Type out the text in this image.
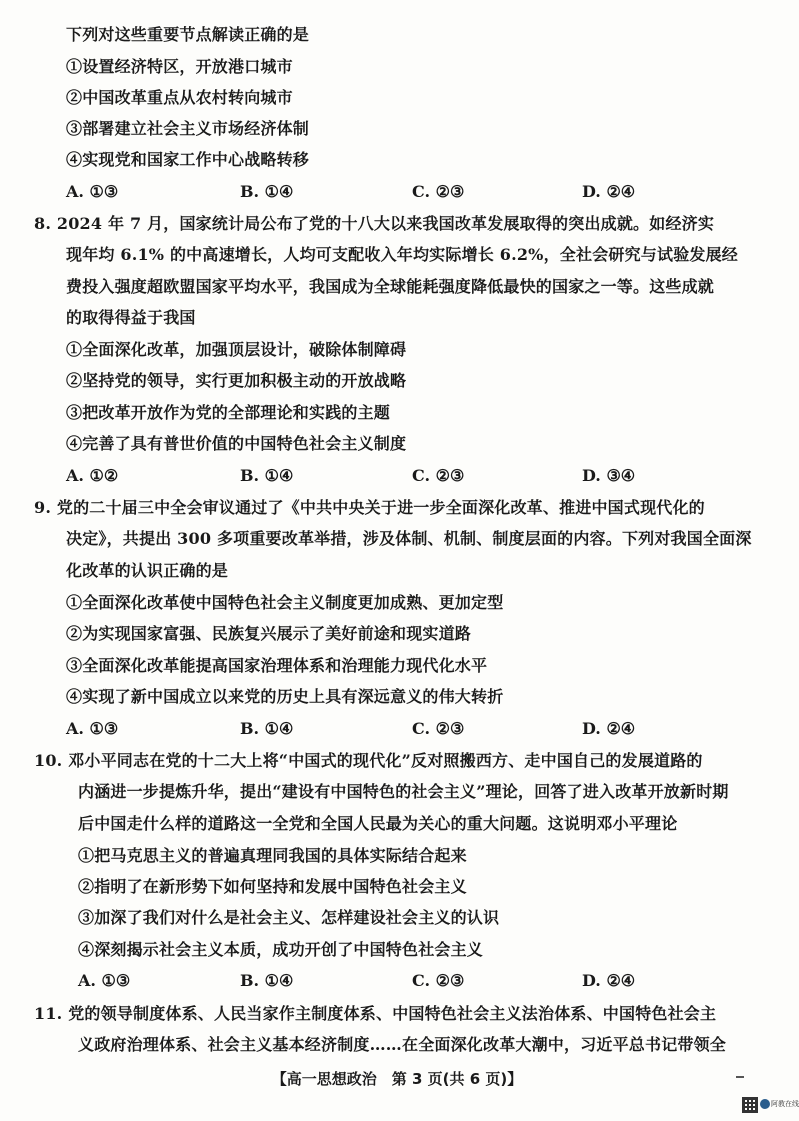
下列对这些重要节点解读正确的是
①设置经济特区，开放港口城市
②中国改革重点从农村转向城市
③部署建立社会主义市场经济体制
④实现党和国家工作中心战略转移
A. ①③	B. ①④	C. ②③	D. ②④
8. 2024 年 7 月，国家统计局公布了党的十八大以来我国改革发展取得的突出成就。如经济实
现年均 6.1% 的中高速增长，人均可支配收入年均实际增长 6.2%，全社会研究与试验发展经
费投入强度超欧盟国家平均水平，我国成为全球能耗强度降低最快的国家之一等。这些成就
的取得得益于我国
①全面深化改革，加强顶层设计，破除体制障碍
②坚持党的领导，实行更加积极主动的开放战略
③把改革开放作为党的全部理论和实践的主题
④完善了具有普世价值的中国特色社会主义制度
A. ①②	B. ①④	C. ②③	D. ③④
9. 党的二十届三中全会审议通过了《中共中央关于进一步全面深化改革、推进中国式现代化的
决定》，共提出 300 多项重要改革举措，涉及体制、机制、制度层面的内容。下列对我国全面深
化改革的认识正确的是
①全面深化改革使中国特色社会主义制度更加成熟、更加定型
②为实现国家富强、民族复兴展示了美好前途和现实道路
③全面深化改革能提高国家治理体系和治理能力现代化水平
④实现了新中国成立以来党的历史上具有深远意义的伟大转折
A. ①③	B. ①④	C. ②③	D. ②④
10. 邓小平同志在党的十二大上将“中国式的现代化”反对照搬西方、走中国自己的发展道路的
内涵进一步提炼升华，提出“建设有中国特色的社会主义”理论，回答了进入改革开放新时期
后中国走什么样的道路这一全党和全国人民最为关心的重大问题。这说明邓小平理论
①把马克思主义的普遍真理同我国的具体实际结合起来
②指明了在新形势下如何坚持和发展中国特色社会主义
③加深了我们对什么是社会主义、怎样建设社会主义的认识
④深刻揭示社会主义本质，成功开创了中国特色社会主义
A. ①③	B. ①④	C. ②③	D. ②④
11. 党的领导制度体系、人民当家作主制度体系、中国特色社会主义法治体系、中国特色社会主
义政府治理体系、社会主义基本经济制度……在全面深化改革大潮中，习近平总书记带领全
【高一思想政治　第 3 页(共 6 页)】
阿教在线
